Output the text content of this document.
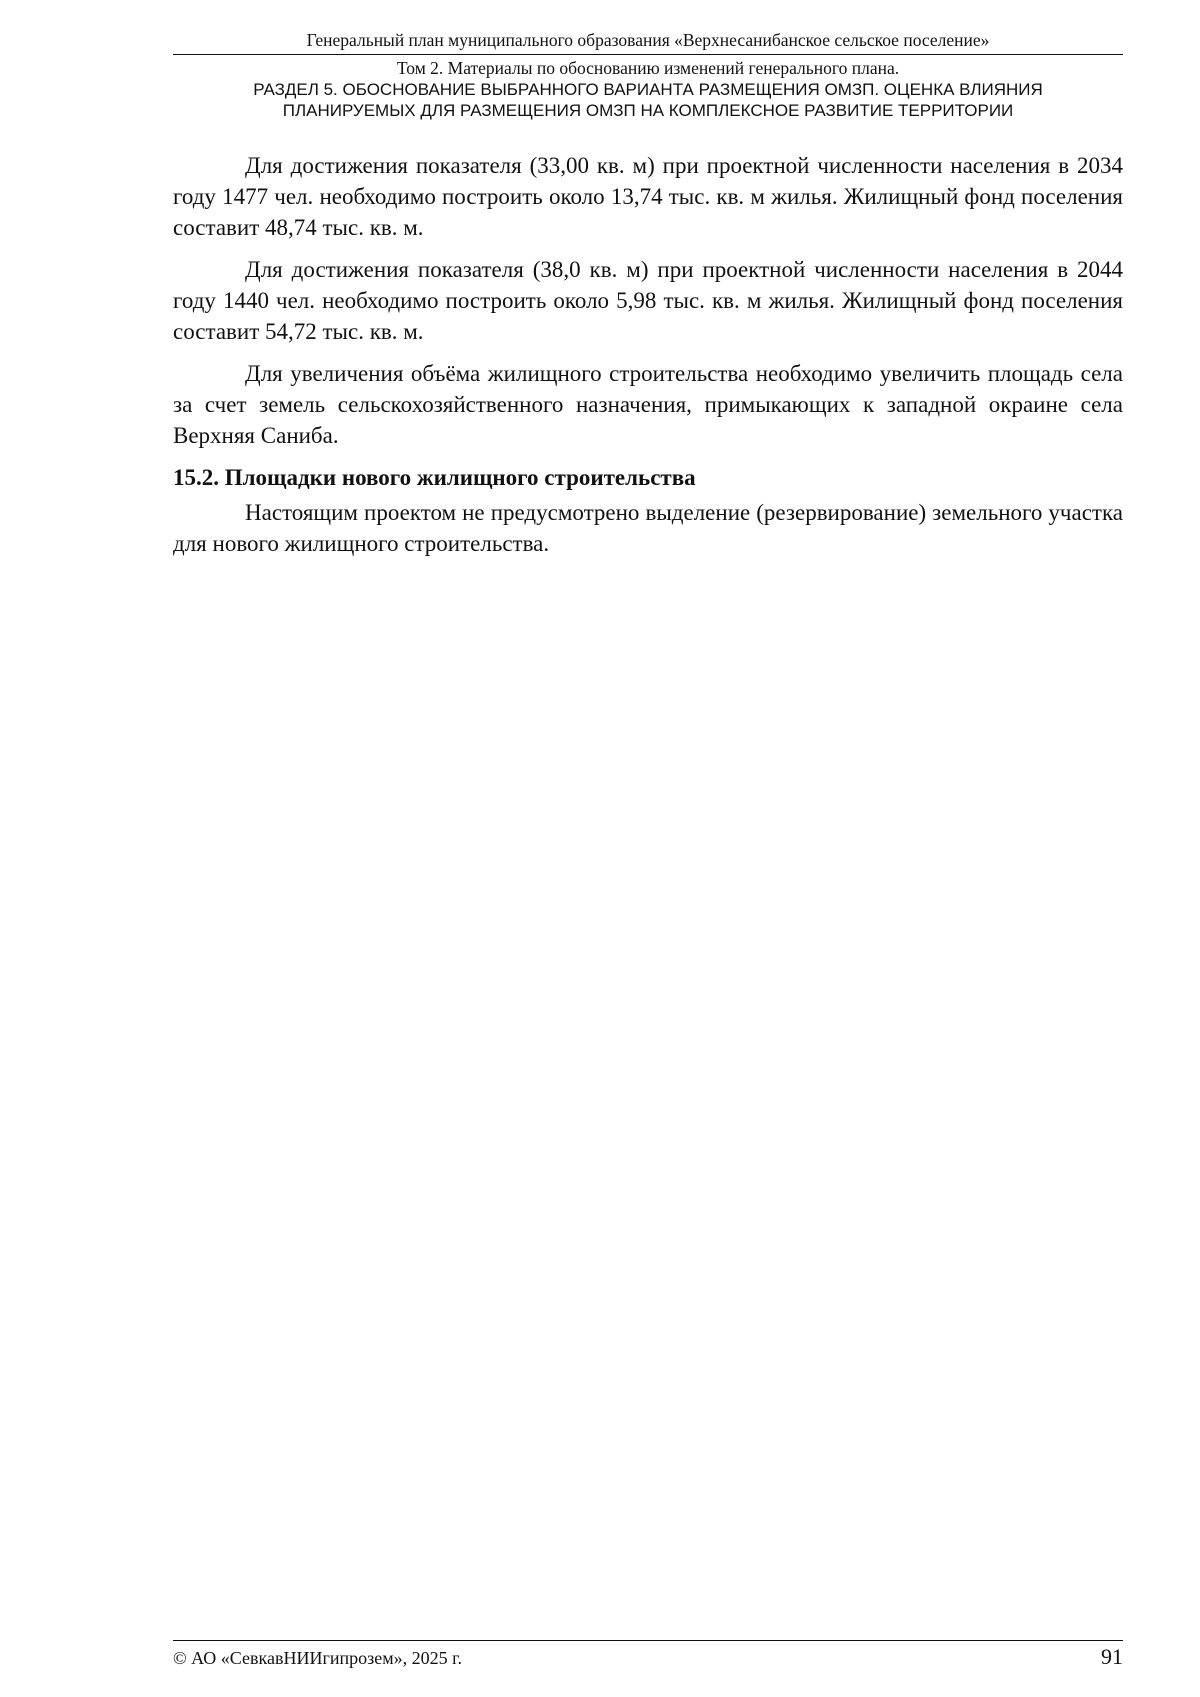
Генеральный план муниципального образования «Верхнесанибанское сельское поселение»
Том 2. Материалы по обоснованию изменений генерального плана.
РАЗДЕЛ 5. ОБОСНОВАНИЕ ВЫБРАННОГО ВАРИАНТА РАЗМЕЩЕНИЯ ОМЗП. ОЦЕНКА ВЛИЯНИЯ
ПЛАНИРУЕМЫХ ДЛЯ РАЗМЕЩЕНИЯ ОМЗП НА КОМПЛЕКСНОЕ РАЗВИТИЕ ТЕРРИТОРИИ

Для достижения показателя (33,00 кв. м) при проектной численности населения в 2034 году 1477 чел. необходимо построить около 13,74 тыс. кв. м жилья. Жилищный фонд поселения составит 48,74 тыс. кв. м.

Для достижения показателя (38,0 кв. м) при проектной численности населения в 2044 году 1440 чел. необходимо построить около 5,98 тыс. кв. м жилья. Жилищный фонд поселения составит 54,72 тыс. кв. м.

Для увеличения объёма жилищного строительства необходимо увеличить площадь села за счет земель сельскохозяйственного назначения, примыкающих к западной окраине села Верхняя Саниба.

15.2. Площадки нового жилищного строительства

Настоящим проектом не предусмотрено выделение (резервирование) земельного участка для нового жилищного строительства.

© АО «СевкавНИИгипрозем», 2025 г.	91
